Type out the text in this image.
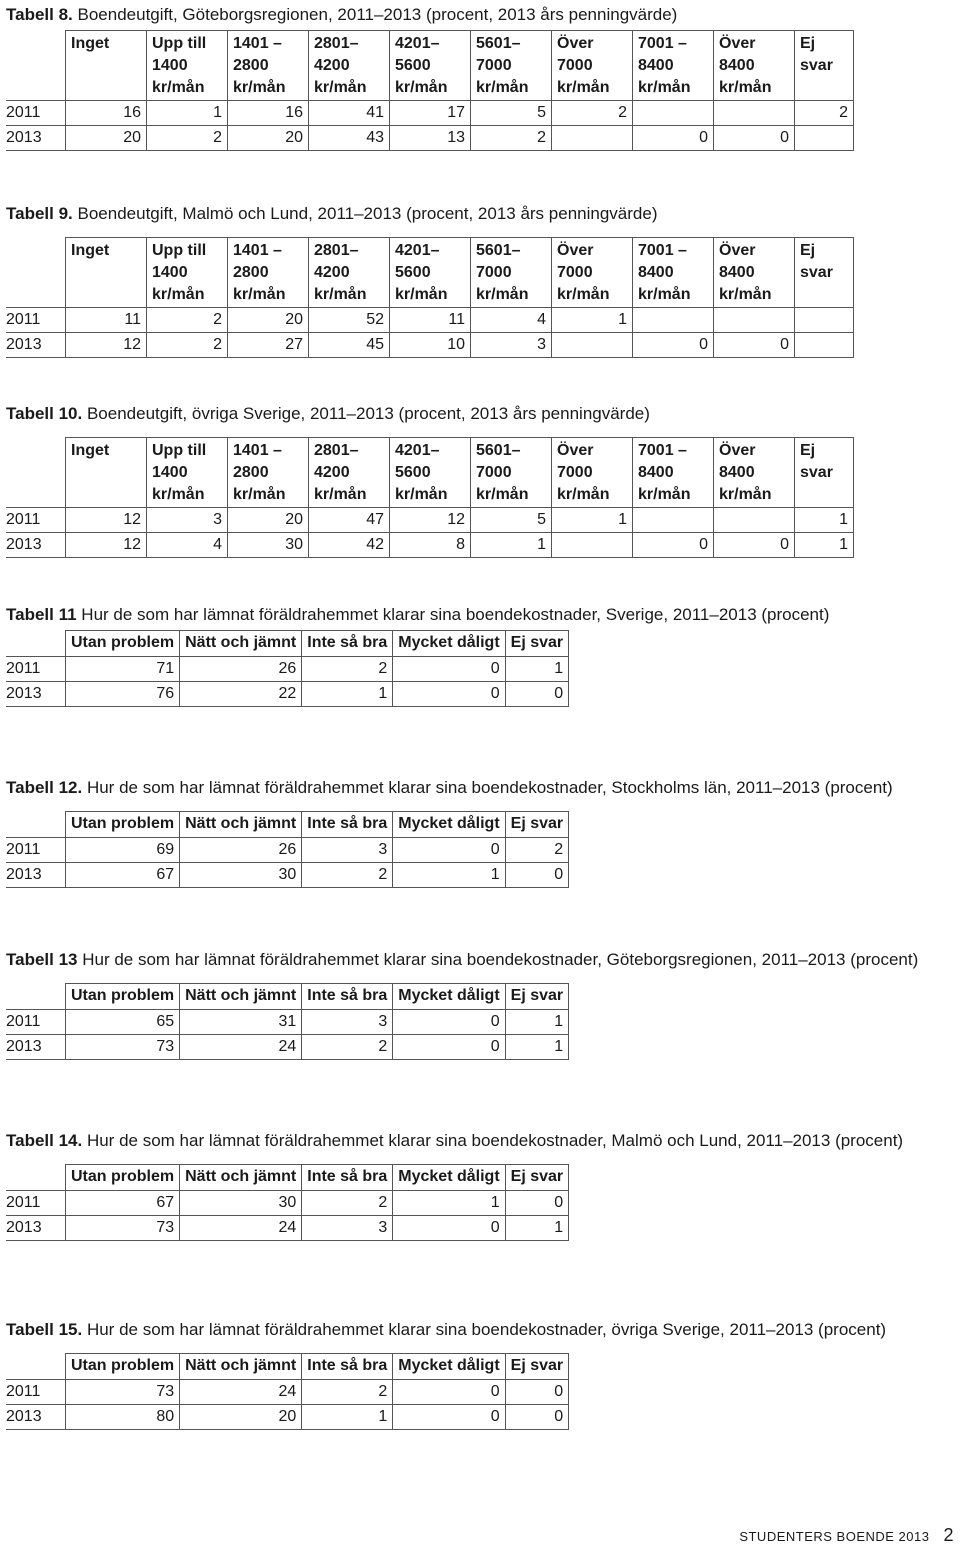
Tabell 8. Boendeutgift, Göteborgsregionen, 2011–2013 (procent, 2013 års penningvärde)

	Inget	Upp till 1400 kr/mån	1401 – 2800 kr/mån	2801– 4200 kr/mån	4201– 5600 kr/mån	5601– 7000 kr/mån	Över 7000 kr/mån	7001 – 8400 kr/mån	Över 8400 kr/mån	Ej svar
2011	16	1	16	41	17	5	2			2
2013	20	2	20	43	13	2		0	0	

Tabell 9. Boendeutgift, Malmö och Lund, 2011–2013 (procent, 2013 års penningvärde)

	Inget	Upp till 1400 kr/mån	1401 – 2800 kr/mån	2801– 4200 kr/mån	4201– 5600 kr/mån	5601– 7000 kr/mån	Över 7000 kr/mån	7001 – 8400 kr/mån	Över 8400 kr/mån	Ej svar
2011	11	2	20	52	11	4	1			
2013	12	2	27	45	10	3		0	0	

Tabell 10. Boendeutgift, övriga Sverige, 2011–2013 (procent, 2013 års penningvärde)

	Inget	Upp till 1400 kr/mån	1401 – 2800 kr/mån	2801– 4200 kr/mån	4201– 5600 kr/mån	5601– 7000 kr/mån	Över 7000 kr/mån	7001 – 8400 kr/mån	Över 8400 kr/mån	Ej svar
2011	12	3	20	47	12	5	1			1
2013	12	4	30	42	8	1		0	0	1

Tabell 11 Hur de som har lämnat föräldrahemmet klarar sina boendekostnader, Sverige, 2011–2013 (procent)

	Utan problem	Nätt och jämnt	Inte så bra	Mycket dåligt	Ej svar
2011	71	26	2	0	1
2013	76	22	1	0	0

Tabell 12. Hur de som har lämnat föräldrahemmet klarar sina boendekostnader, Stockholms län, 2011–2013 (procent)

	Utan problem	Nätt och jämnt	Inte så bra	Mycket dåligt	Ej svar
2011	69	26	3	0	2
2013	67	30	2	1	0

Tabell 13 Hur de som har lämnat föräldrahemmet klarar sina boendekostnader, Göteborgsregionen, 2011–2013 (procent)

	Utan problem	Nätt och jämnt	Inte så bra	Mycket dåligt	Ej svar
2011	65	31	3	0	1
2013	73	24	2	0	1

Tabell 14. Hur de som har lämnat föräldrahemmet klarar sina boendekostnader, Malmö och Lund, 2011–2013 (procent)

	Utan problem	Nätt och jämnt	Inte så bra	Mycket dåligt	Ej svar
2011	67	30	2	1	0
2013	73	24	3	0	1

Tabell 15. Hur de som har lämnat föräldrahemmet klarar sina boendekostnader, övriga Sverige, 2011–2013 (procent)

	Utan problem	Nätt och jämnt	Inte så bra	Mycket dåligt	Ej svar
2011	73	24	2	0	0
2013	80	20	1	0	0
STUDENTERS BOENDE 2013 2
